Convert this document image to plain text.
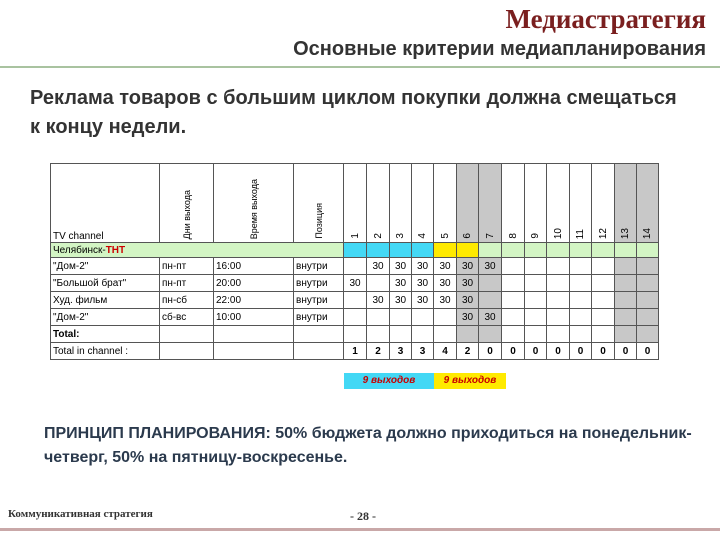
Медиастратегия
Основные критерии медиапланирования
Реклама товаров с большим циклом покупки должна смещаться к концу недели.
TV channel	Дни выхода	Время выхода	Позиция	1	2	3	4	5	6	7	8	9	10	11	12	13	14
Челябинск-ТНТ																	
"Дом-2"	пн-пт	16:00	внутри		30	30	30	30	30	30							
"Большой брат"	пн-пт	20:00	внутри	30		30	30	30	30								
Худ. фильм	пн-сб	22:00	внутри		30	30	30	30	30								
"Дом-2"	сб-вс	10:00	внутри						30	30							
Total:																	
Total in channel :				1	2	3	3	4	2	0	0	0	0	0	0	0	0
9 выходов	9 выходов
ПРИНЦИП ПЛАНИРОВАНИЯ: 50% бюджета должно приходиться на понедельник-четверг, 50% на пятницу-воскресенье.
Коммуникативная стратегия	- 28 -
